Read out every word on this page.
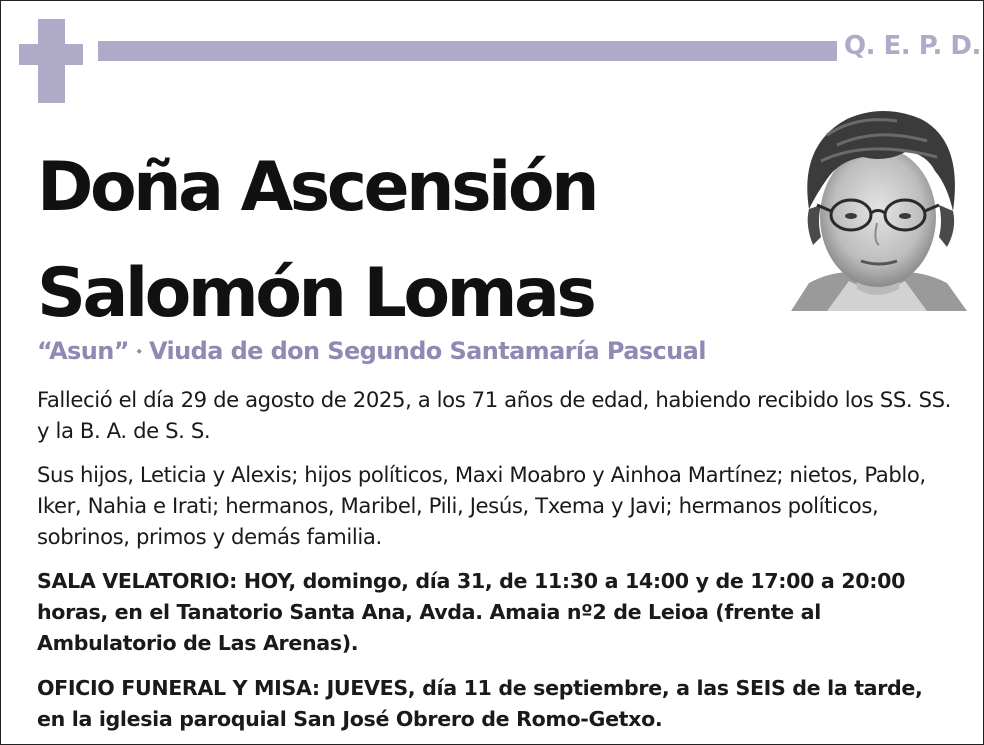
Q. E. P. D.
Doña Ascensión
Salomón Lomas
“Asun” ⬩ Viuda de don Segundo Santamaría Pascual
Falleció el día 29 de agosto de 2025, a los 71 años de edad, habiendo recibido los SS. SS. y la B. A. de S. S.
Sus hijos, Leticia y Alexis; hijos políticos, Maxi Moabro y Ainhoa Martínez; nietos, Pablo, Iker, Nahia e Irati; hermanos, Maribel, Pili, Jesús, Txema y Javi; hermanos políticos, sobrinos, primos y demás familia.
SALA VELATORIO: HOY, domingo, día 31, de 11:30 a 14:00 y de 17:00 a 20:00 horas, en el Tanatorio Santa Ana, Avda. Amaia nº2 de Leioa (frente al Ambulatorio de Las Arenas).
OFICIO FUNERAL Y MISA: JUEVES, día 11 de septiembre, a las SEIS de la tarde, en la iglesia paroquial San José Obrero de Romo-Getxo.
